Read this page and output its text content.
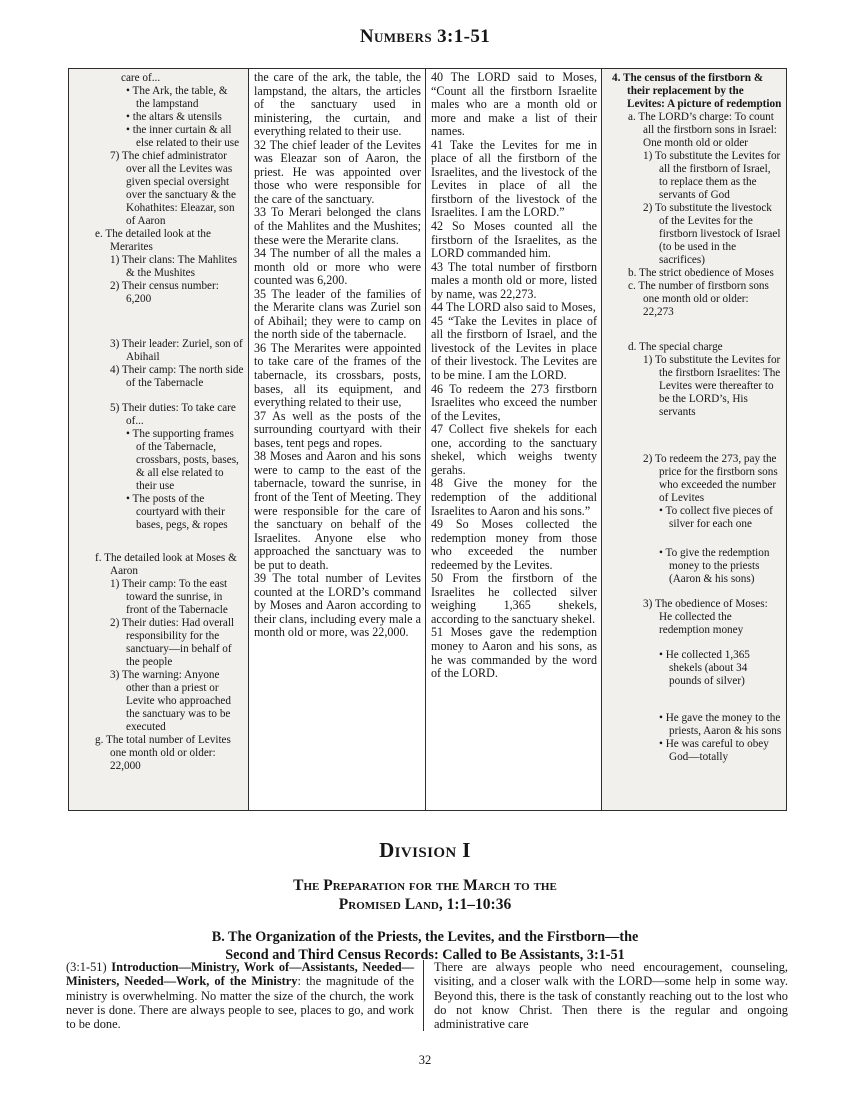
Numbers 3:1-51
care of...
• The Ark, the table, & the lampstand
• the altars & utensils
• the inner curtain & all else related to their use
7) The chief administrator over all the Levites was given special oversight over the sanctuary & the Kohathites: Eleazar, son of Aaron
e. The detailed look at the Merarites
1) Their clans: The Mahlites & the Mushites
2) Their census number: 6,200
3) Their leader: Zuriel, son of Abihail
4) Their camp: The north side of the Tabernacle
5) Their duties: To take care of...
• The supporting frames of the Tabernacle, crossbars, posts, bases, & all else related to their use
• The posts of the courtyard with their bases, pegs, & ropes
f. The detailed look at Moses & Aaron
1) Their camp: To the east toward the sunrise, in front of the Tabernacle
2) Their duties: Had overall responsibility for the sanctuary—in behalf of the people
3) The warning: Anyone other than a priest or Levite who approached the sanctuary was to be executed
g. The total number of Levites one month old or older: 22,000

the care of the ark, the table, the lampstand, the altars, the articles of the sanctuary used in ministering, the curtain, and everything related to their use.

32 The chief leader of the Levites was Eleazar son of Aaron, the priest. He was appointed over those who were responsible for the care of the sanctuary.

33 To Merari belonged the clans of the Mahlites and the Mushites; these were the Merarite clans.

34 The number of all the males a month old or more who were counted was 6,200.

35 The leader of the families of the Merarite clans was Zuriel son of Abihail; they were to camp on the north side of the tabernacle.

36 The Merarites were appointed to take care of the frames of the tabernacle, its crossbars, posts, bases, all its equipment, and everything related to their use,

37 As well as the posts of the surrounding courtyard with their bases, tent pegs and ropes.

38 Moses and Aaron and his sons were to camp to the east of the tabernacle, toward the sunrise, in front of the Tent of Meeting. They were responsible for the care of the sanctuary on behalf of the Israelites. Anyone else who approached the sanctuary was to be put to death.

39 The total number of Levites counted at the LORD’s command by Moses and Aaron according to their clans, including every male a month old or more, was 22,000.

40 The LORD said to Moses, “Count all the firstborn Israelite males who are a month old or more and make a list of their names.

41 Take the Levites for me in place of all the firstborn of the Israelites, and the livestock of the Levites in place of all the firstborn of the livestock of the Israelites. I am the LORD.”

42 So Moses counted all the firstborn of the Israelites, as the LORD commanded him.

43 The total number of firstborn males a month old or more, listed by name, was 22,273.

44 The LORD also said to Moses,

45 “Take the Levites in place of all the firstborn of Israel, and the livestock of the Levites in place of their livestock. The Levites are to be mine. I am the LORD.

46 To redeem the 273 firstborn Israelites who exceed the number of the Levites,

47 Collect five shekels for each one, according to the sanctuary shekel, which weighs twenty gerahs.

48 Give the money for the redemption of the additional Israelites to Aaron and his sons.”

49 So Moses collected the redemption money from those who exceeded the number redeemed by the Levites.

50 From the firstborn of the Israelites he collected silver weighing 1,365 shekels, according to the sanctuary shekel.

51 Moses gave the redemption money to Aaron and his sons, as he was commanded by the word of the LORD.

4. The census of the firstborn & their replacement by the Levites: A picture of redemption
a. The LORD’s charge: To count all the firstborn sons in Israel: One month old or older
1) To substitute the Levites for all the firstborn of Israel, to replace them as the servants of God
2) To substitute the livestock of the Levites for the firstborn livestock of Israel (to be used in the sacrifices)
b. The strict obedience of Moses
c. The number of firstborn sons one month old or older: 22,273
d. The special charge
1) To substitute the Levites for the firstborn Israelites: The Levites were thereafter to be the LORD’s, His servants
2) To redeem the 273, pay the price for the firstborn sons who exceeded the number of Levites
• To collect five pieces of silver for each one
• To give the redemption money to the priests (Aaron & his sons)
3) The obedience of Moses: He collected the redemption money
• He collected 1,365 shekels (about 34 pounds of silver)
• He gave the money to the priests, Aaron & his sons
• He was careful to obey God—totally
Division I
The Preparation for the March to the
Promised Land, 1:1–10:36
B. The Organization of the Priests, the Levites, and the Firstborn—the
Second and Third Census Records: Called to Be Assistants, 3:1-51

(3:1-51) Introduction—Ministry, Work of—Assistants, Needed—Ministers, Needed—Work, of the Ministry: the magnitude of the ministry is overwhelming. No matter the size of the church, the work never is done. There are always people to see, places to go, and work to be done.

There are always people who need encouragement, counseling, visiting, and a closer walk with the LORD—some help in some way. Beyond this, there is the task of constantly reaching out to the lost who do not know Christ. Then there is the regular and ongoing administrative care

32
